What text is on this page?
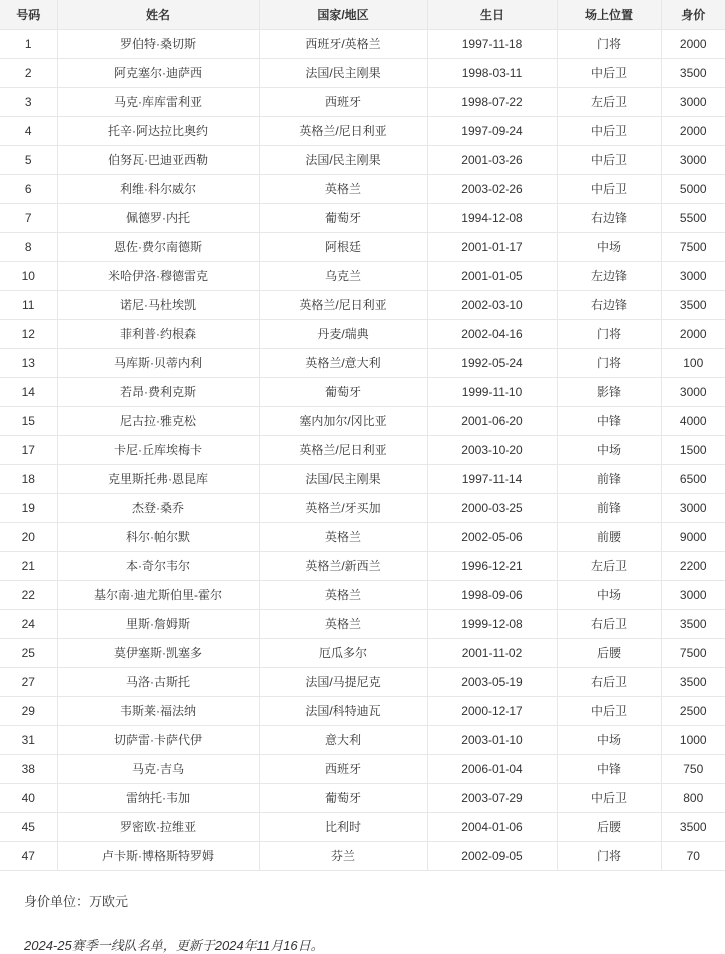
号码	姓名	国家/地区	生日	场上位置	身价
1	罗伯特·桑切斯	西班牙/英格兰	1997-11-18	门将	2000
2	阿克塞尔·迪萨西	法国/民主刚果	1998-03-11	中后卫	3500
3	马克·库库雷利亚	西班牙	1998-07-22	左后卫	3000
4	托辛·阿达拉比奥约	英格兰/尼日利亚	1997-09-24	中后卫	2000
5	伯努瓦·巴迪亚西勒	法国/民主刚果	2001-03-26	中后卫	3000
6	利维·科尔威尔	英格兰	2003-02-26	中后卫	5000
7	佩德罗·内托	葡萄牙	1994-12-08	右边锋	5500
8	恩佐·费尔南德斯	阿根廷	2001-01-17	中场	7500
10	米哈伊洛·穆德雷克	乌克兰	2001-01-05	左边锋	3000
11	诺尼·马杜埃凯	英格兰/尼日利亚	2002-03-10	右边锋	3500
12	菲利普·约根森	丹麦/瑞典	2002-04-16	门将	2000
13	马库斯·贝蒂内利	英格兰/意大利	1992-05-24	门将	100
14	若昂·费利克斯	葡萄牙	1999-11-10	影锋	3000
15	尼古拉·雅克松	塞内加尔/冈比亚	2001-06-20	中锋	4000
17	卡尼·丘库埃梅卡	英格兰/尼日利亚	2003-10-20	中场	1500
18	克里斯托弗·恩昆库	法国/民主刚果	1997-11-14	前锋	6500
19	杰登·桑乔	英格兰/牙买加	2000-03-25	前锋	3000
20	科尔·帕尔默	英格兰	2002-05-06	前腰	9000
21	本·奇尔韦尔	英格兰/新西兰	1996-12-21	左后卫	2200
22	基尔南·迪尤斯伯里-霍尔	英格兰	1998-09-06	中场	3000
24	里斯·詹姆斯	英格兰	1999-12-08	右后卫	3500
25	莫伊塞斯·凯塞多	厄瓜多尔	2001-11-02	后腰	7500
27	马洛·古斯托	法国/马提尼克	2003-05-19	右后卫	3500
29	韦斯莱·福法纳	法国/科特迪瓦	2000-12-17	中后卫	2500
31	切萨雷·卡萨代伊	意大利	2003-01-10	中场	1000
38	马克·吉乌	西班牙	2006-01-04	中锋	750
40	雷纳托·韦加	葡萄牙	2003-07-29	中后卫	800
45	罗密欧·拉维亚	比利时	2004-01-06	后腰	3500
47	卢卡斯·博格斯特罗姆	芬兰	2002-09-05	门将	70
身价单位：万欧元
2024-25赛季一线队名单，更新于2024年11月16日。
